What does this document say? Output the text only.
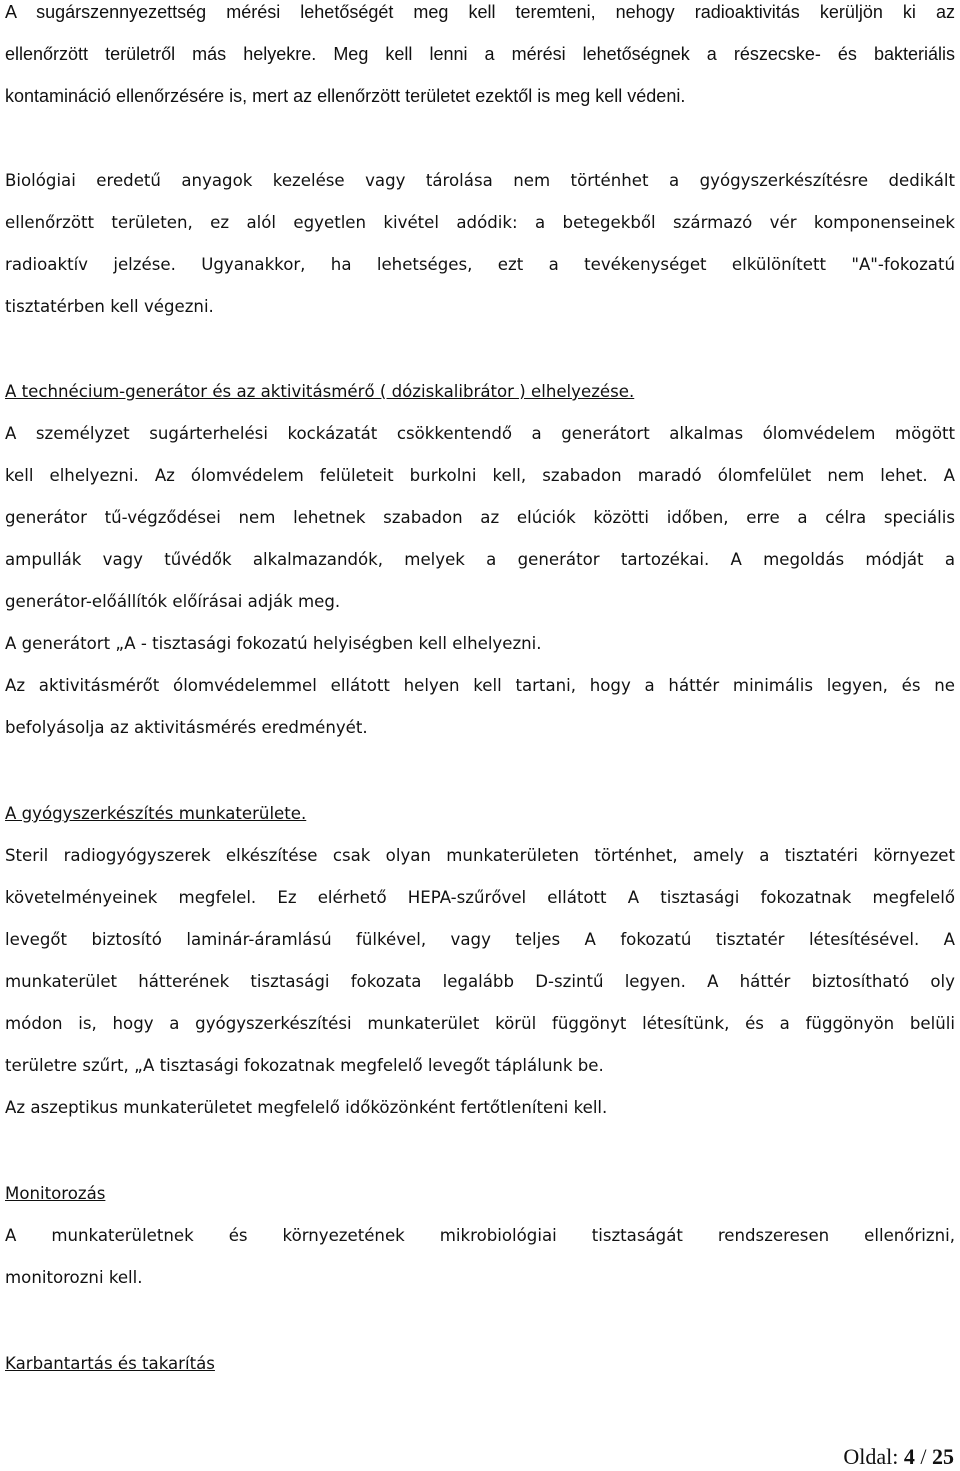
A sugárszennyezettség mérési lehetőségét meg kell teremteni, nehogy radioaktivitás kerüljön ki az
ellenőrzött területről más helyekre. Meg kell lenni a mérési lehetőségnek a részecske- és bakteriális
kontamináció ellenőrzésére is, mert az ellenőrzött területet ezektől is meg kell védeni.
Biológiai eredetű anyagok kezelése vagy tárolása nem történhet a gyógyszerkészítésre dedikált
ellenőrzött területen, ez alól egyetlen kivétel adódik: a betegekből származó vér komponenseinek
radioaktív jelzése. Ugyanakkor, ha lehetséges, ezt a tevékenységet elkülönített "A"-fokozatú
tisztatérben kell végezni.
A technécium-generátor és az aktivitásmérő ( dóziskalibrátor ) elhelyezése.
A személyzet sugárterhelési kockázatát csökkentendő a generátort alkalmas ólomvédelem mögött
kell elhelyezni. Az ólomvédelem felületeit burkolni kell, szabadon maradó ólomfelület nem lehet. A
generátor tű-végződései nem lehetnek szabadon az elúciók közötti időben, erre a célra speciális
ampullák vagy tűvédők alkalmazandók, melyek a generátor tartozékai. A megoldás módját a
generátor-előállítók előírásai adják meg.
A generátort „A - tisztasági fokozatú helyiségben kell elhelyezni.
Az aktivitásmérőt ólomvédelemmel ellátott helyen kell tartani, hogy a háttér minimális legyen, és ne
befolyásolja az aktivitásmérés eredményét.
A gyógyszerkészítés munkaterülete.
Steril radiogyógyszerek elkészítése csak olyan munkaterületen történhet, amely a tisztatéri környezet
követelményeinek megfelel. Ez elérhető HEPA-szűrővel ellátott A tisztasági fokozatnak megfelelő
levegőt biztosító laminár-áramlású fülkével, vagy teljes A fokozatú tisztatér létesítésével. A
munkaterület hátterének tisztasági fokozata legalább D-szintű legyen. A háttér biztosítható oly
módon is, hogy a gyógyszerkészítési munkaterület körül függönyt létesítünk, és a függönyön belüli
területre szűrt, „A tisztasági fokozatnak megfelelő levegőt táplálunk be.
Az aszeptikus munkaterületet megfelelő időközönként fertőtleníteni kell.
Monitorozás
A munkaterületnek és környezetének mikrobiológiai tisztaságát rendszeresen ellenőrizni,
monitorozni kell.
Karbantartás és takarítás
Oldal: 4 / 25
